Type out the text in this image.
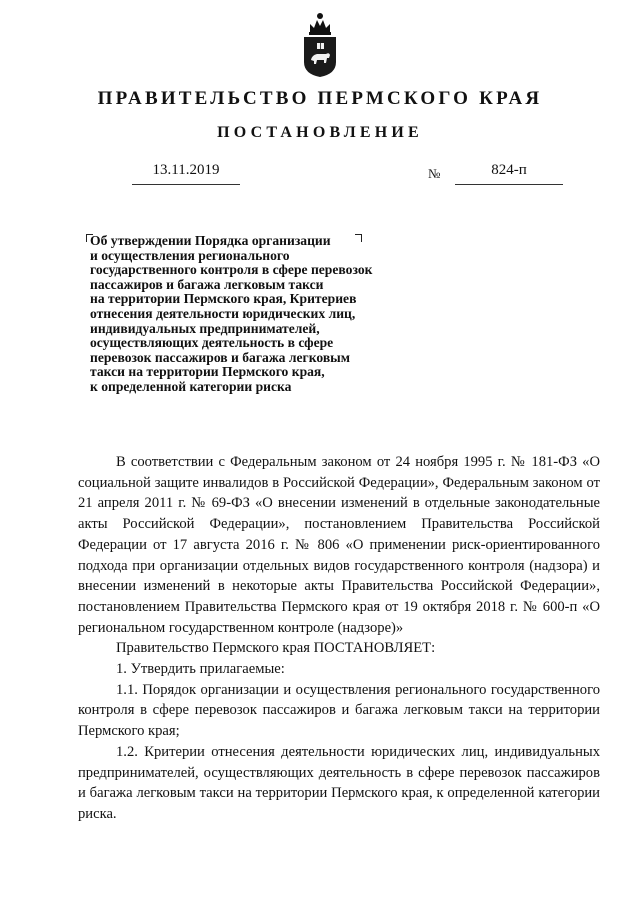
ПРАВИТЕЛЬСТВО ПЕРМСКОГО КРАЯ
ПОСТАНОВЛЕНИЕ
13.11.2019	№	824-п
Об утверждении Порядка организации
и осуществления регионального
государственного контроля в сфере перевозок
пассажиров и багажа легковым такси
на территории Пермского края, Критериев
отнесения деятельности юридических лиц,
индивидуальных предпринимателей,
осуществляющих деятельность в сфере
перевозок пассажиров и багажа легковым
такси на территории Пермского края,
к определенной категории риска

В соответствии с Федеральным законом от 24 ноября 1995 г. № 181-ФЗ «О социальной защите инвалидов в Российской Федерации», Федеральным законом от 21 апреля 2011 г. № 69-ФЗ «О внесении изменений в отдельные законодательные акты Российской Федерации», постановлением Правительства Российской Федерации от 17 августа 2016 г. № 806 «О применении риск-ориентированного подхода при организации отдельных видов государственного контроля (надзора) и внесении изменений в некоторые акты Правительства Российской Федерации», постановлением Правительства Пермского края от 19 октября 2018 г. № 600-п «О региональном государственном контроле (надзоре)»

Правительство Пермского края ПОСТАНОВЛЯЕТ:

1. Утвердить прилагаемые:

1.1. Порядок организации и осуществления регионального государственного контроля в сфере перевозок пассажиров и багажа легковым такси на территории Пермского края;

1.2. Критерии отнесения деятельности юридических лиц, индивидуальных предпринимателей, осуществляющих деятельность в сфере перевозок пассажиров и багажа легковым такси на территории Пермского края, к определенной категории риска.
